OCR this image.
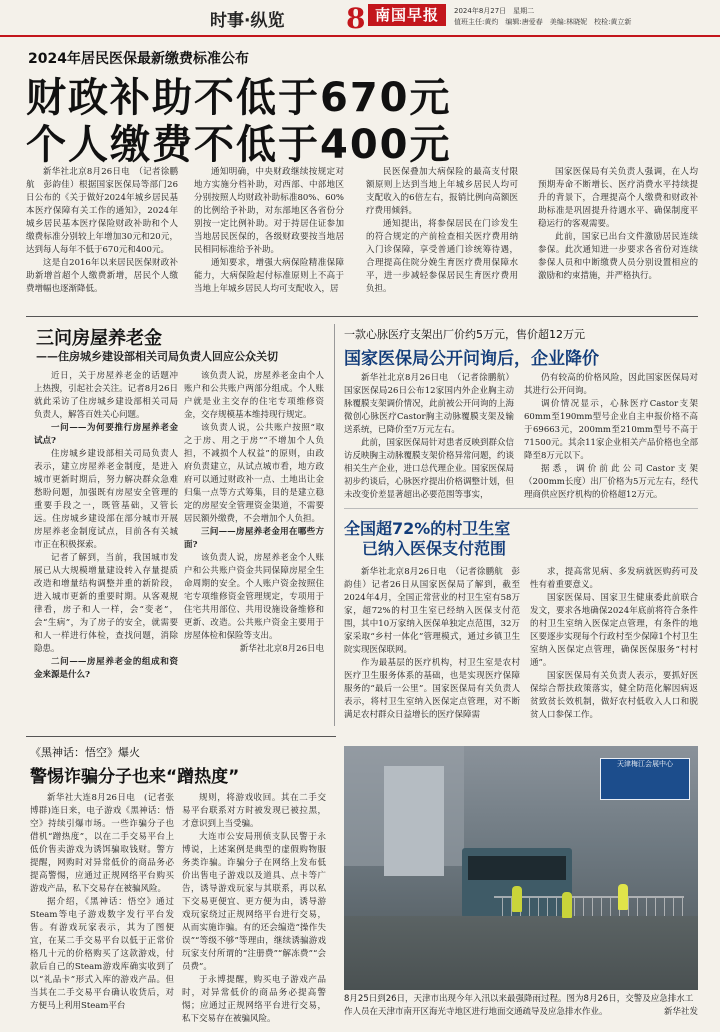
时事·纵览 8 南国早报	2024年8月27日　星期二
值班主任:黄灼　编辑:唐爱春　美编:林晓妮　校检:黄立新
2024年居民医保最新缴费标准公布
财政补助不低于670元
个人缴费不低于400元

新华社北京8月26日电　（记者徐鹏航　彭韵佳）根据国家医保局等部门26日公布的《关于做好2024年城乡居民基本医疗保障有关工作的通知》，2024年城乡居民基本医疗保险财政补助和个人缴费标准分别较上年增加30元和20元，达到每人每年不低于670元和400元。

这是自2016年以来居民医保财政补助新增首超个人缴费新增，居民个人缴费增幅也逐渐降低。

通知明确，中央财政继续按规定对地方实施分档补助，对西部、中部地区分别按照人均财政补助标准80%、60%的比例给予补助，对东部地区各省份分别按一定比例补助。对于持居住证参加当地居民医保的，各级财政要按当地居民相同标准给予补助。

通知要求，增强大病保险精准保障能力，大病保险起付标准原则上不高于当地上年城乡居民人均可支配收入，居

民医保叠加大病保险的最高支付限额原则上达到当地上年城乡居民人均可支配收入的6倍左右，报销比例向高额医疗费用倾斜。

通知提出，将参保居民在门诊发生的符合规定的产前检查相关医疗费用纳入门诊保障，享受普通门诊统筹待遇，合理提高住院分娩生育医疗费用保障水平，进一步减轻参保居民生育医疗费用负担。

国家医保局有关负责人强调，在人均预期寿命不断增长、医疗消费水平持续提升的背景下，合理提高个人缴费和财政补助标准是巩固提升待遇水平、确保制度平稳运行的客观需要。

此前，国家已出台文件激励居民连续参保。此次通知进一步要求各省份对连续参保人员和中断缴费人员分别设置相应的激励和约束措施，并严格执行。

三问房屋养老金
——住房城乡建设部相关司局负责人回应公众关切

近日，关于房屋养老金的话题冲上热搜，引起社会关注。记者8月26日就此采访了住房城乡建设部相关司局负责人，解答百姓关心问题。

一问——为何要推行房屋养老金试点?

住房城乡建设部相关司局负责人表示，建立房屋养老金制度，是进入城市更新时期后，努力解决群众急难愁盼问题，加强既有房屋安全管理的重要手段之一，既管基础，又管长远。住房城乡建设部在部分城市开展房屋养老金制度试点，目前各有关城市正在积极探索。

记者了解到，当前，我国城市发展已从大规模增量建设转入存量提质改造和增量结构调整并重的新阶段，进入城市更新的重要时期。从客观规律看，房子和人一样，会“变老”，会“生病”，为了房子的安全，就需要和人一样进行体检，查找问题，消除隐患。

二问——房屋养老金的组成和资金来源是什么?

该负责人说，房屋养老金由个人账户和公共账户两部分组成。个人账户就是业主交存的住宅专项维修资金，交存规模基本维持现行规定。

该负责人说，公共账户按照“取之于房、用之于房”“不增加个人负担，不减损个人权益”的原则，由政府负责建立，从试点城市看，地方政府可以通过财政补一点、土地出让金归集一点等方式筹集，目的是建立稳定的房屋安全管理资金渠道，不需要居民额外缴费，不会增加个人负担。

三问——房屋养老金用在哪些方面?

该负责人说，房屋养老金个人账户和公共账户资金共同保障房屋全生命周期的安全。个人账户资金按照住宅专项维修资金管理规定，专项用于住宅共用部位、共用设施设备维修和更新、改造。公共账户资金主要用于房屋体检和保险等支出。

新华社北京8月26日电
一款心脉医疗支架出厂价约5万元，售价超12万元
国家医保局公开问询后，企业降价

新华社北京8月26日电　（记者徐鹏航）国家医保局26日公布12家国内外企业胸主动脉覆膜支架调价情况，此前被公开问询的上海微创心脉医疗Castor胸主动脉覆膜支架及输送系统，已降价至7万元左右。

此前，国家医保局针对患者反映到群众信访反映胸主动脉覆膜支架价格异常问题，约谈相关生产企业，进口总代理企业。国家医保局初步约谈后，心脉医疗提出价格调整计划，但未改变价差显著超出必要范围等事实，

仍有较高的价格风险，因此国家医保局对其进行公开问询。

调价情况显示，心脉医疗Castor支架60mm至190mm型号企业自主申报价格不高于69663元，200mm至210mm型号不高于71500元。其余11家企业相关产品价格也全部降至8万元以下。

据悉，调价前此公司Castor支架（200mm长度）出厂价格为5万元左右，经代理商供应医疗机构的价格超12万元。

全国超72%的村卫生室
已纳入医保支付范围

新华社北京8月26日电　（记者徐鹏航　彭韵佳）记者26日从国家医保局了解到，截至2024年4月，全国正常营业的村卫生室有58万家，超72%的村卫生室已经纳入医保支付范围，其中10万家纳入医保单独定点范围，32万家采取“乡村一体化”管理模式，通过乡镇卫生院实现医保联网。

作为最基层的医疗机构，村卫生室是农村医疗卫生服务体系的基础，也是实现医疗保障服务的“最后一公里”。国家医保局有关负责人表示，将村卫生室纳入医保定点管理，对不断满足农村群众日益增长的医疗保障需

求，提高常见病、多发病就医购药可及性有着重要意义。

国家医保局、国家卫生健康委此前联合发文，要求各地确保2024年底前将符合条件的村卫生室纳入医保定点管理，有条件的地区要逐步实现每个行政村至少保障1个村卫生室纳入医保定点管理，确保医保服务“村村通”。

国家医保局有关负责人表示，要抓好医保综合帮扶政策落实，健全防范化解因病返贫致贫长效机制，做好农村低收入人口和脱贫人口参保工作。

《黑神话：悟空》爆火
警惕诈骗分子也来“蹭热度”

新华社大连8月26日电　(记者张博群)连日来，电子游戏《黑神话：悟空》持续引爆市场。一些诈骗分子也借机“蹭热度”，以在二手交易平台上低价售卖游戏为诱饵骗取钱财。警方提醒，网购时对异常低价的商品务必提高警惕，应通过正规网络平台购买游戏产品，私下交易存在被骗风险。

据介绍，《黑神话：悟空》通过Steam等电子游戏数字发行平台发售。有游戏玩家表示，其为了图便宜，在某二手交易平台以低于正常价格几十元的价格购买了这款游戏，付款后自己的Steam游戏库确实收到了以“礼品卡”形式入库的游戏产品。但当其在二手交易平台确认收货后，对方便马上利用Steam平台

规则，将游戏收回。其在二手交易平台联系对方时被发现已被拉黑，才意识到上当受骗。

大连市公安局刑侦支队民警于永博说，上述案例是典型的虚假购物服务类诈骗。诈骗分子在网络上发布低价出售电子游戏以及道具、点卡等广告，诱导游戏玩家与其联系，再以私下交易更便宜、更方便为由，诱导游戏玩家绕过正规网络平台进行交易，从而实施诈骗。有的还会编造“操作失误”“等级不够”等理由，继续诱骗游戏玩家支付所谓的“注册费”“解冻费”“会员费”。

于永博提醒，购买电子游戏产品时，对异常低价的商品务必提高警惕；应通过正规网络平台进行交易，私下交易存在被骗风险。

天津梅江会展中心
8月25日到26日，天津市出现今年入汛以来最强降雨过程。图为8月26日，交警及应急排水工作人员在天津市南开区海光寺地区进行地面交通疏导及应急排水作业。	新华社发
